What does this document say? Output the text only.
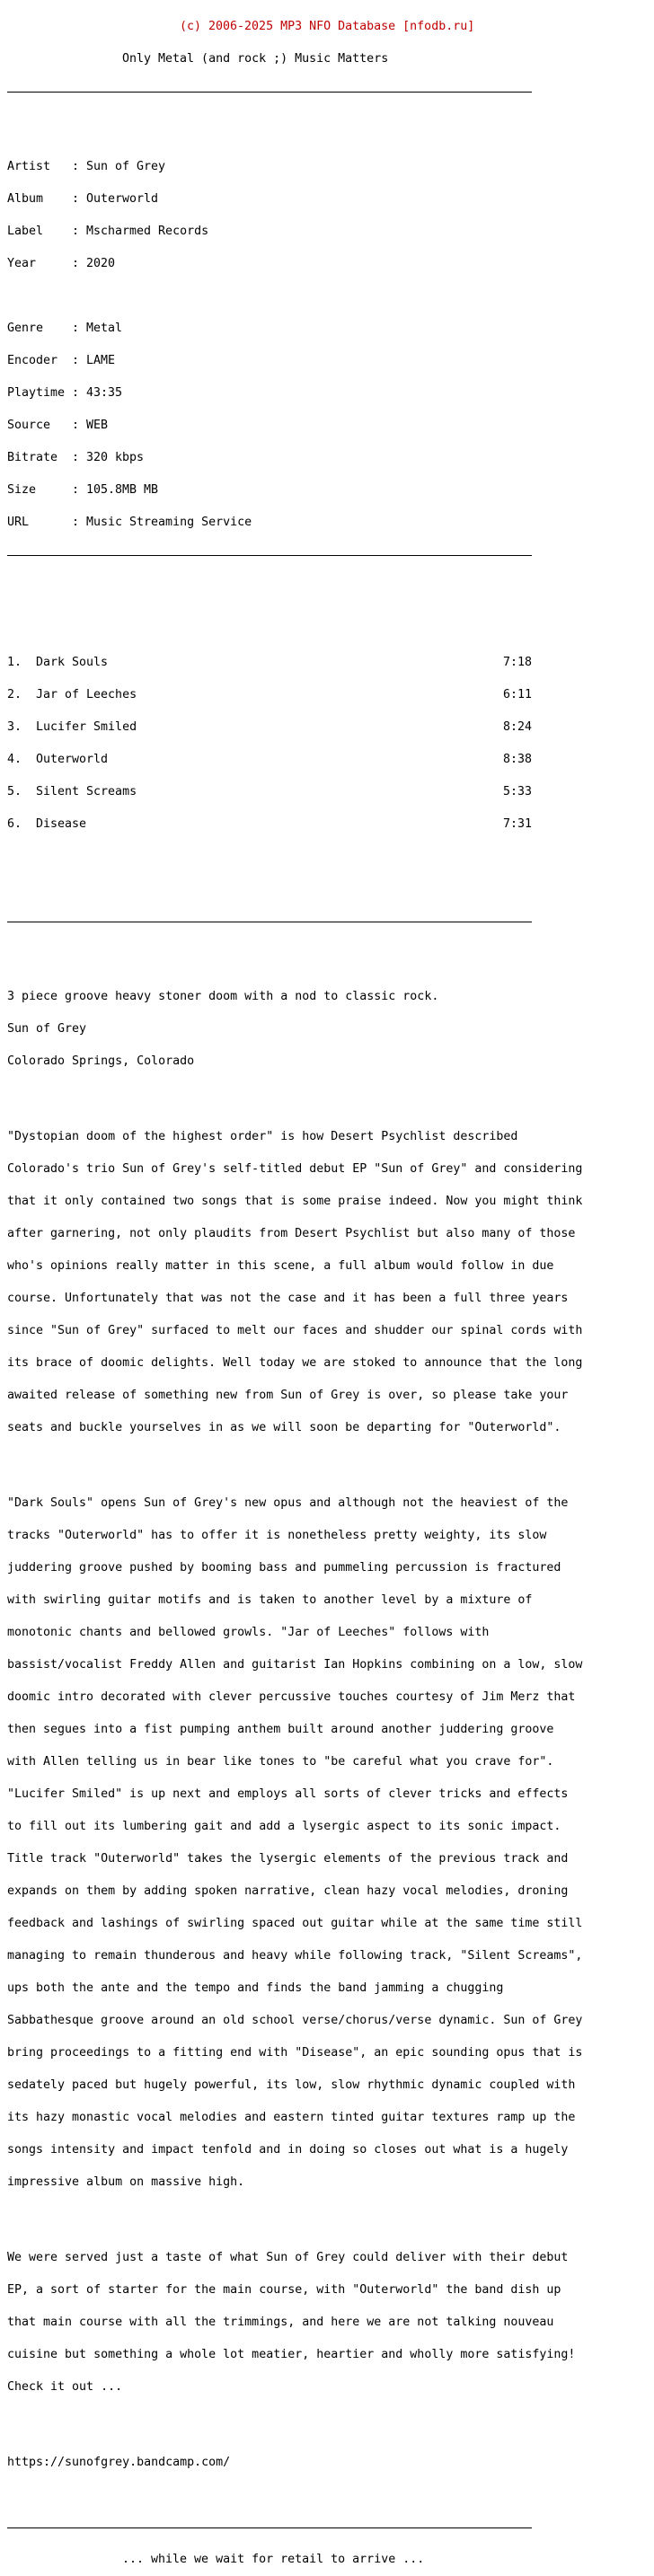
(c) 2006-2025 MP3 NFO Database [nfodb.ru]

Only Metal (and rock ;) Music Matters

Artist : Sun of Grey

Album : Outerworld

Label : Mscharmed Records

Year	: 2020

Genre : Metal

Encoder : LAME

Playtime : 43:35

Source : WEB

Bitrate : 320 kbps

Size	: 105.8MB MB

URL	: Music Streaming Service

1. Dark Souls	7:18

2. Jar of Leeches	6:11

3. Lucifer Smiled	8:24

4. Outerworld	8:38

5. Silent Screams	5:33

6. Disease	7:31

3 piece groove heavy stoner doom with a nod to classic rock.

Sun of Grey

Colorado Springs, Colorado

"Dystopian doom of the highest order" is how Desert Psychlist described

Colorado's trio Sun of Grey's self-titled debut EP "Sun of Grey" and considering

that it only contained two songs that is some praise indeed. Now you might think

after garnering, not only plaudits from Desert Psychlist but also many of those

who's opinions really matter in this scene, a full album would follow in due

course. Unfortunately that was not the case and it has been a full three years

since "Sun of Grey" surfaced to melt our faces and shudder our spinal cords with

its brace of doomic delights. Well today we are stoked to announce that the long

awaited release of something new from Sun of Grey is over, so please take your

seats and buckle yourselves in as we will soon be departing for "Outerworld".

"Dark Souls" opens Sun of Grey's new opus and although not the heaviest of the

tracks "Outerworld" has to offer it is nonetheless pretty weighty, its slow

juddering groove pushed by booming bass and pummeling percussion is fractured

with swirling guitar motifs and is taken to another level by a mixture of

monotonic chants and bellowed growls. "Jar of Leeches" follows with

bassist/vocalist Freddy Allen and guitarist Ian Hopkins combining on a low, slow

doomic intro decorated with clever percussive touches courtesy of Jim Merz that

then segues into a fist pumping anthem built around another juddering groove

with Allen telling us in bear like tones to "be careful what you crave for".

"Lucifer Smiled" is up next and employs all sorts of clever tricks and effects

to fill out its lumbering gait and add a lysergic aspect to its sonic impact.

Title track "Outerworld" takes the lysergic elements of the previous track and

expands on them by adding spoken narrative, clean hazy vocal melodies, droning

feedback and lashings of swirling spaced out guitar while at the same time still

managing to remain thunderous and heavy while following track, "Silent Screams",

ups both the ante and the tempo and finds the band jamming a chugging

Sabbathesque groove around an old school verse/chorus/verse dynamic. Sun of Grey

bring proceedings to a fitting end with "Disease", an epic sounding opus that is

sedately paced but hugely powerful, its low, slow rhythmic dynamic coupled with

its hazy monastic vocal melodies and eastern tinted guitar textures ramp up the

songs intensity and impact tenfold and in doing so closes out what is a hugely

impressive album on massive high.

We were served just a taste of what Sun of Grey could deliver with their debut

EP, a sort of starter for the main course, with "Outerworld" the band dish up

that main course with all the trimmings, and here we are not talking nouveau

cuisine but something a whole lot meatier, heartier and wholly more satisfying!

Check it out ...

https://sunofgrey.bandcamp.com/

... while we wait for retail to arrive ...
